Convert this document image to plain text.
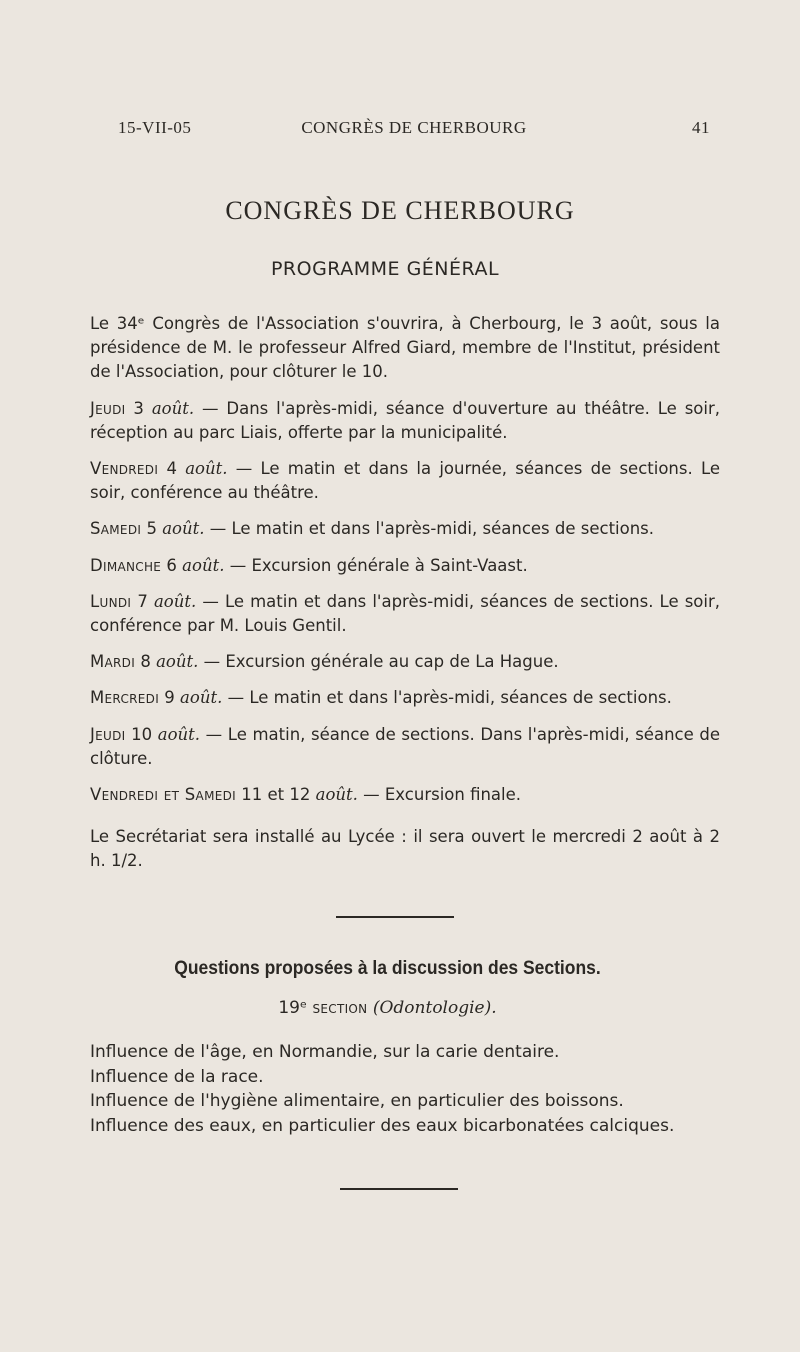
15-VII-05	CONGRÈS DE CHERBOURG	41
CONGRÈS DE CHERBOURG
PROGRAMME GÉNÉRAL

Le 34ᵉ Congrès de l'Association s'ouvrira, à Cherbourg, le 3 août, sous la présidence de M. le professeur Alfred Giard, membre de l'Institut, président de l'Association, pour clôturer le 10.

Jeudi 3 août. — Dans l'après-midi, séance d'ouverture au théâtre. Le soir, réception au parc Liais, offerte par la municipalité.

Vendredi 4 août. — Le matin et dans la journée, séances de sections. Le soir, conférence au théâtre.

Samedi 5 août. — Le matin et dans l'après-midi, séances de sections.

Dimanche 6 août. — Excursion générale à Saint-Vaast.

Lundi 7 août. — Le matin et dans l'après-midi, séances de sections. Le soir, conférence par M. Louis Gentil.

Mardi 8 août. — Excursion générale au cap de La Hague.

Mercredi 9 août. — Le matin et dans l'après-midi, séances de sections.

Jeudi 10 août. — Le matin, séance de sections. Dans l'après-midi, séance de clôture.

Vendredi et Samedi 11 et 12 août. — Excursion finale.

Le Secrétariat sera installé au Lycée : il sera ouvert le mercredi 2 août à 2 h. 1/2.

Questions proposées à la discussion des Sections.
19ᵉ section (Odontologie).

Influence de l'âge, en Normandie, sur la carie dentaire.

Influence de la race.

Influence de l'hygiène alimentaire, en particulier des boissons.

Influence des eaux, en particulier des eaux bicarbonatées calciques.
